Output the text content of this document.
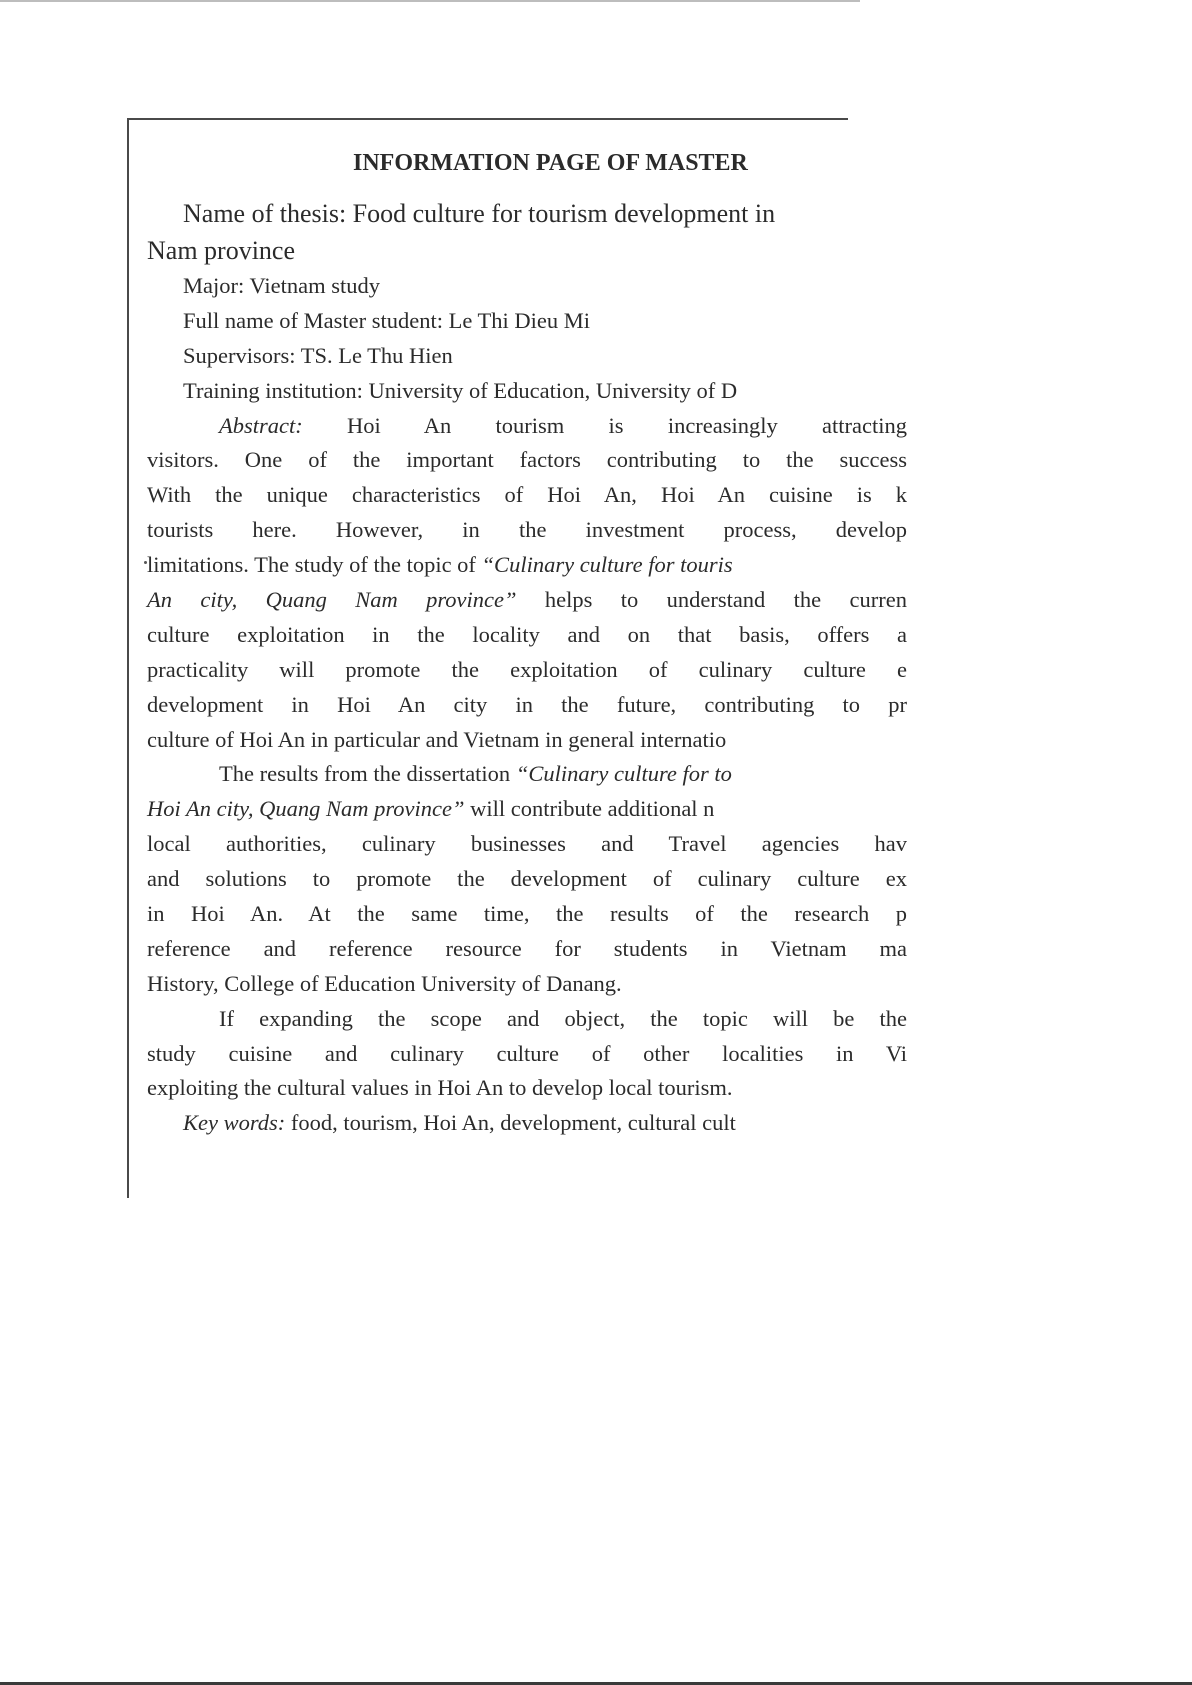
INFORMATION PAGE OF MASTER
Name of thesis: Food culture for tourism development in
Nam province
Major: Vietnam study
Full name of Master student: Le Thi Dieu Mi
Supervisors: TS. Le Thu Hien
Training institution: University of Education, University of D
Abstract: Hoi An tourism is increasingly attracting
visitors. One of the important factors contributing to the success
With the unique characteristics of Hoi An, Hoi An cuisine is k
tourists here. However, in the investment process, develop
limitations. The study of the topic of “Culinary culture for touris
An city, Quang Nam province” helps to understand the curren
culture exploitation in the locality and on that basis, offers a
practicality will promote the exploitation of culinary culture e
development in Hoi An city in the future, contributing to pr
culture of Hoi An in particular and Vietnam in general internatio
The results from the dissertation “Culinary culture for to
Hoi An city, Quang Nam province” will contribute additional n
local authorities, culinary businesses and Travel agencies hav
and solutions to promote the development of culinary culture ex
in Hoi An. At the same time, the results of the research p
reference and reference resource for students in Vietnam ma
History, College of Education University of Danang.
If expanding the scope and object, the topic will be the
study cuisine and culinary culture of other localities in Vi
exploiting the cultural values in Hoi An to develop local tourism.
Key words: food, tourism, Hoi An, development, cultural cult
